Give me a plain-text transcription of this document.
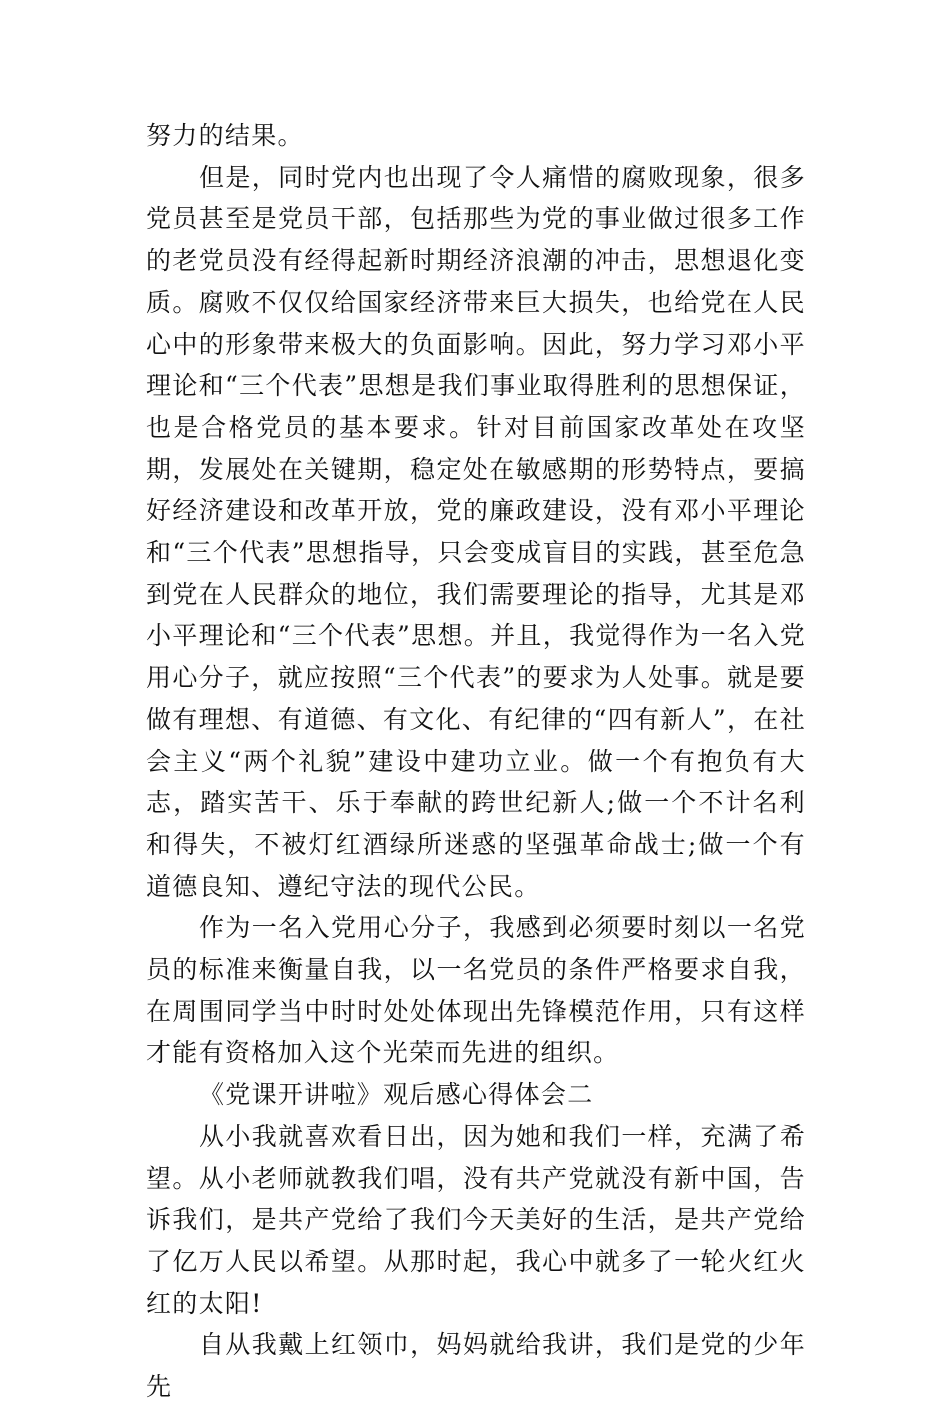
努力的结果。

但是，同时党内也出现了令人痛惜的腐败现象，很多党员甚至是党员干部，包括那些为党的事业做过很多工作的老党员没有经得起新时期经济浪潮的冲击，思想退化变质。腐败不仅仅给国家经济带来巨大损失，也给党在人民心中的形象带来极大的负面影响。因此，努力学习邓小平理论和“三个代表”思想是我们事业取得胜利的思想保证，也是合格党员的基本要求。针对目前国家改革处在攻坚期，发展处在关键期，稳定处在敏感期的形势特点，要搞好经济建设和改革开放，党的廉政建设，没有邓小平理论和“三个代表”思想指导，只会变成盲目的实践，甚至危急到党在人民群众的地位，我们需要理论的指导，尤其是邓小平理论和“三个代表”思想。并且，我觉得作为一名入党用心分子，就应按照“三个代表”的要求为人处事。就是要做有理想、有道德、有文化、有纪律的“四有新人”，在社会主义“两个礼貌”建设中建功立业。做一个有抱负有大志，踏实苦干、乐于奉献的跨世纪新人;做一个不计名利和得失，不被灯红酒绿所迷惑的坚强革命战士;做一个有道德良知、遵纪守法的现代公民。

作为一名入党用心分子，我感到必须要时刻以一名党员的标准来衡量自我，以一名党员的条件严格要求自我，在周围同学当中时时处处体现出先锋模范作用，只有这样才能有资格加入这个光荣而先进的组织。

《党课开讲啦》观后感心得体会二

从小我就喜欢看日出，因为她和我们一样，充满了希望。从小老师就教我们唱，没有共产党就没有新中国，告诉我们，是共产党给了我们今天美好的生活，是共产党给了亿万人民以希望。从那时起，我心中就多了一轮火红火红的太阳!

自从我戴上红领巾，妈妈就给我讲，我们是党的少年先
